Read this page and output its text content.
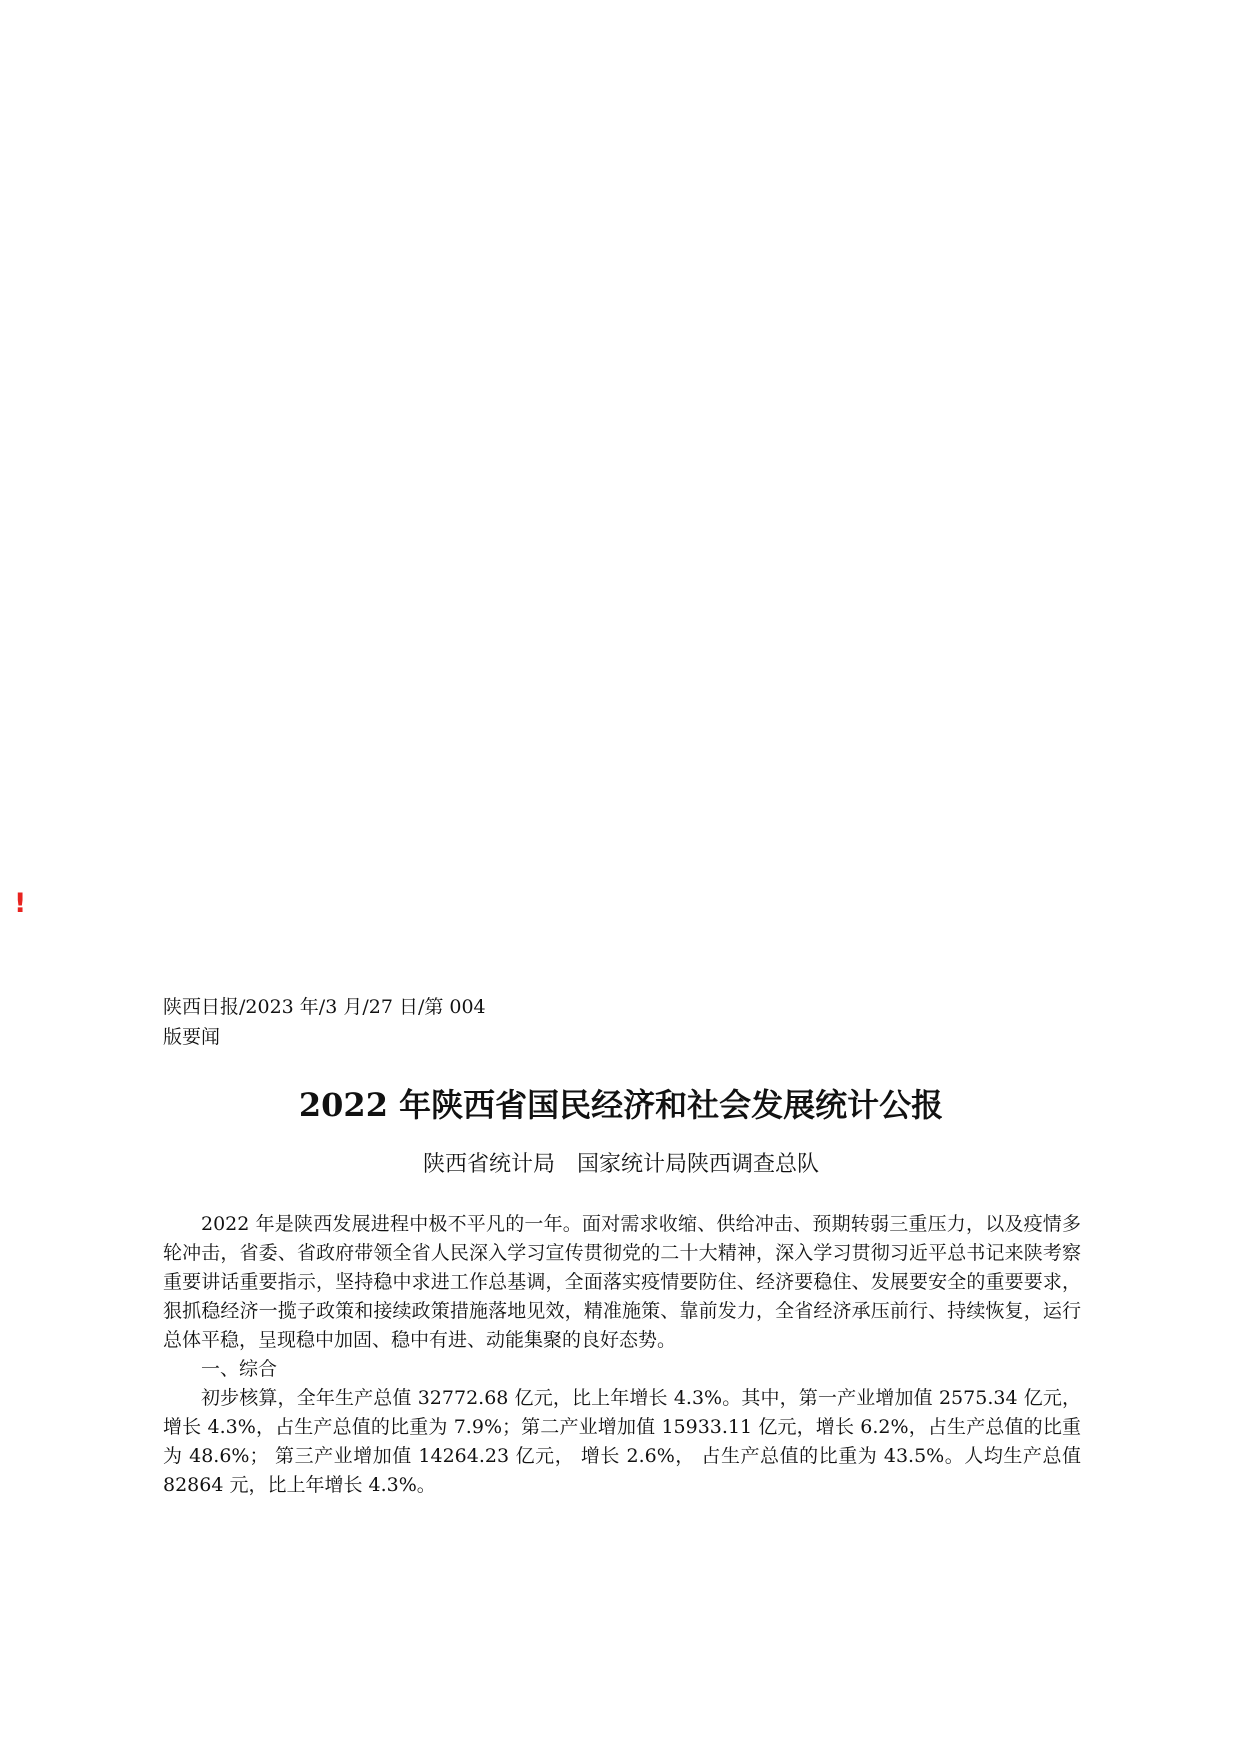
!
陕西日报/2023 年/3 月/27 日/第 004 版要闻
2022 年陕西省国民经济和社会发展统计公报
陕西省统计局　国家统计局陕西调查总队

2022 年是陕西发展进程中极不平凡的一年。面对需求收缩、供给冲击、预期转弱三重压力，以及疫情多轮冲击，省委、省政府带领全省人民深入学习宣传贯彻党的二十大精神，深入学习贯彻习近平总书记来陕考察重要讲话重要指示，坚持稳中求进工作总基调，全面落实疫情要防住、经济要稳住、发展要安全的重要要求，狠抓稳经济一揽子政策和接续政策措施落地见效，精准施策、靠前发力，全省经济承压前行、持续恢复，运行总体平稳，呈现稳中加固、稳中有进、动能集聚的良好态势。

一、综合

初步核算，全年生产总值 32772.68 亿元，比上年增长 4.3%。其中，第一产业增加值 2575.34 亿元，增长 4.3%，占生产总值的比重为 7.9%；第二产业增加值 15933.11 亿元，增长 6.2%，占生产总值的比重为 48.6%； 第三产业增加值 14264.23 亿元， 增长 2.6%， 占生产总值的比重为 43.5%。人均生产总值 82864 元，比上年增长 4.3%。
